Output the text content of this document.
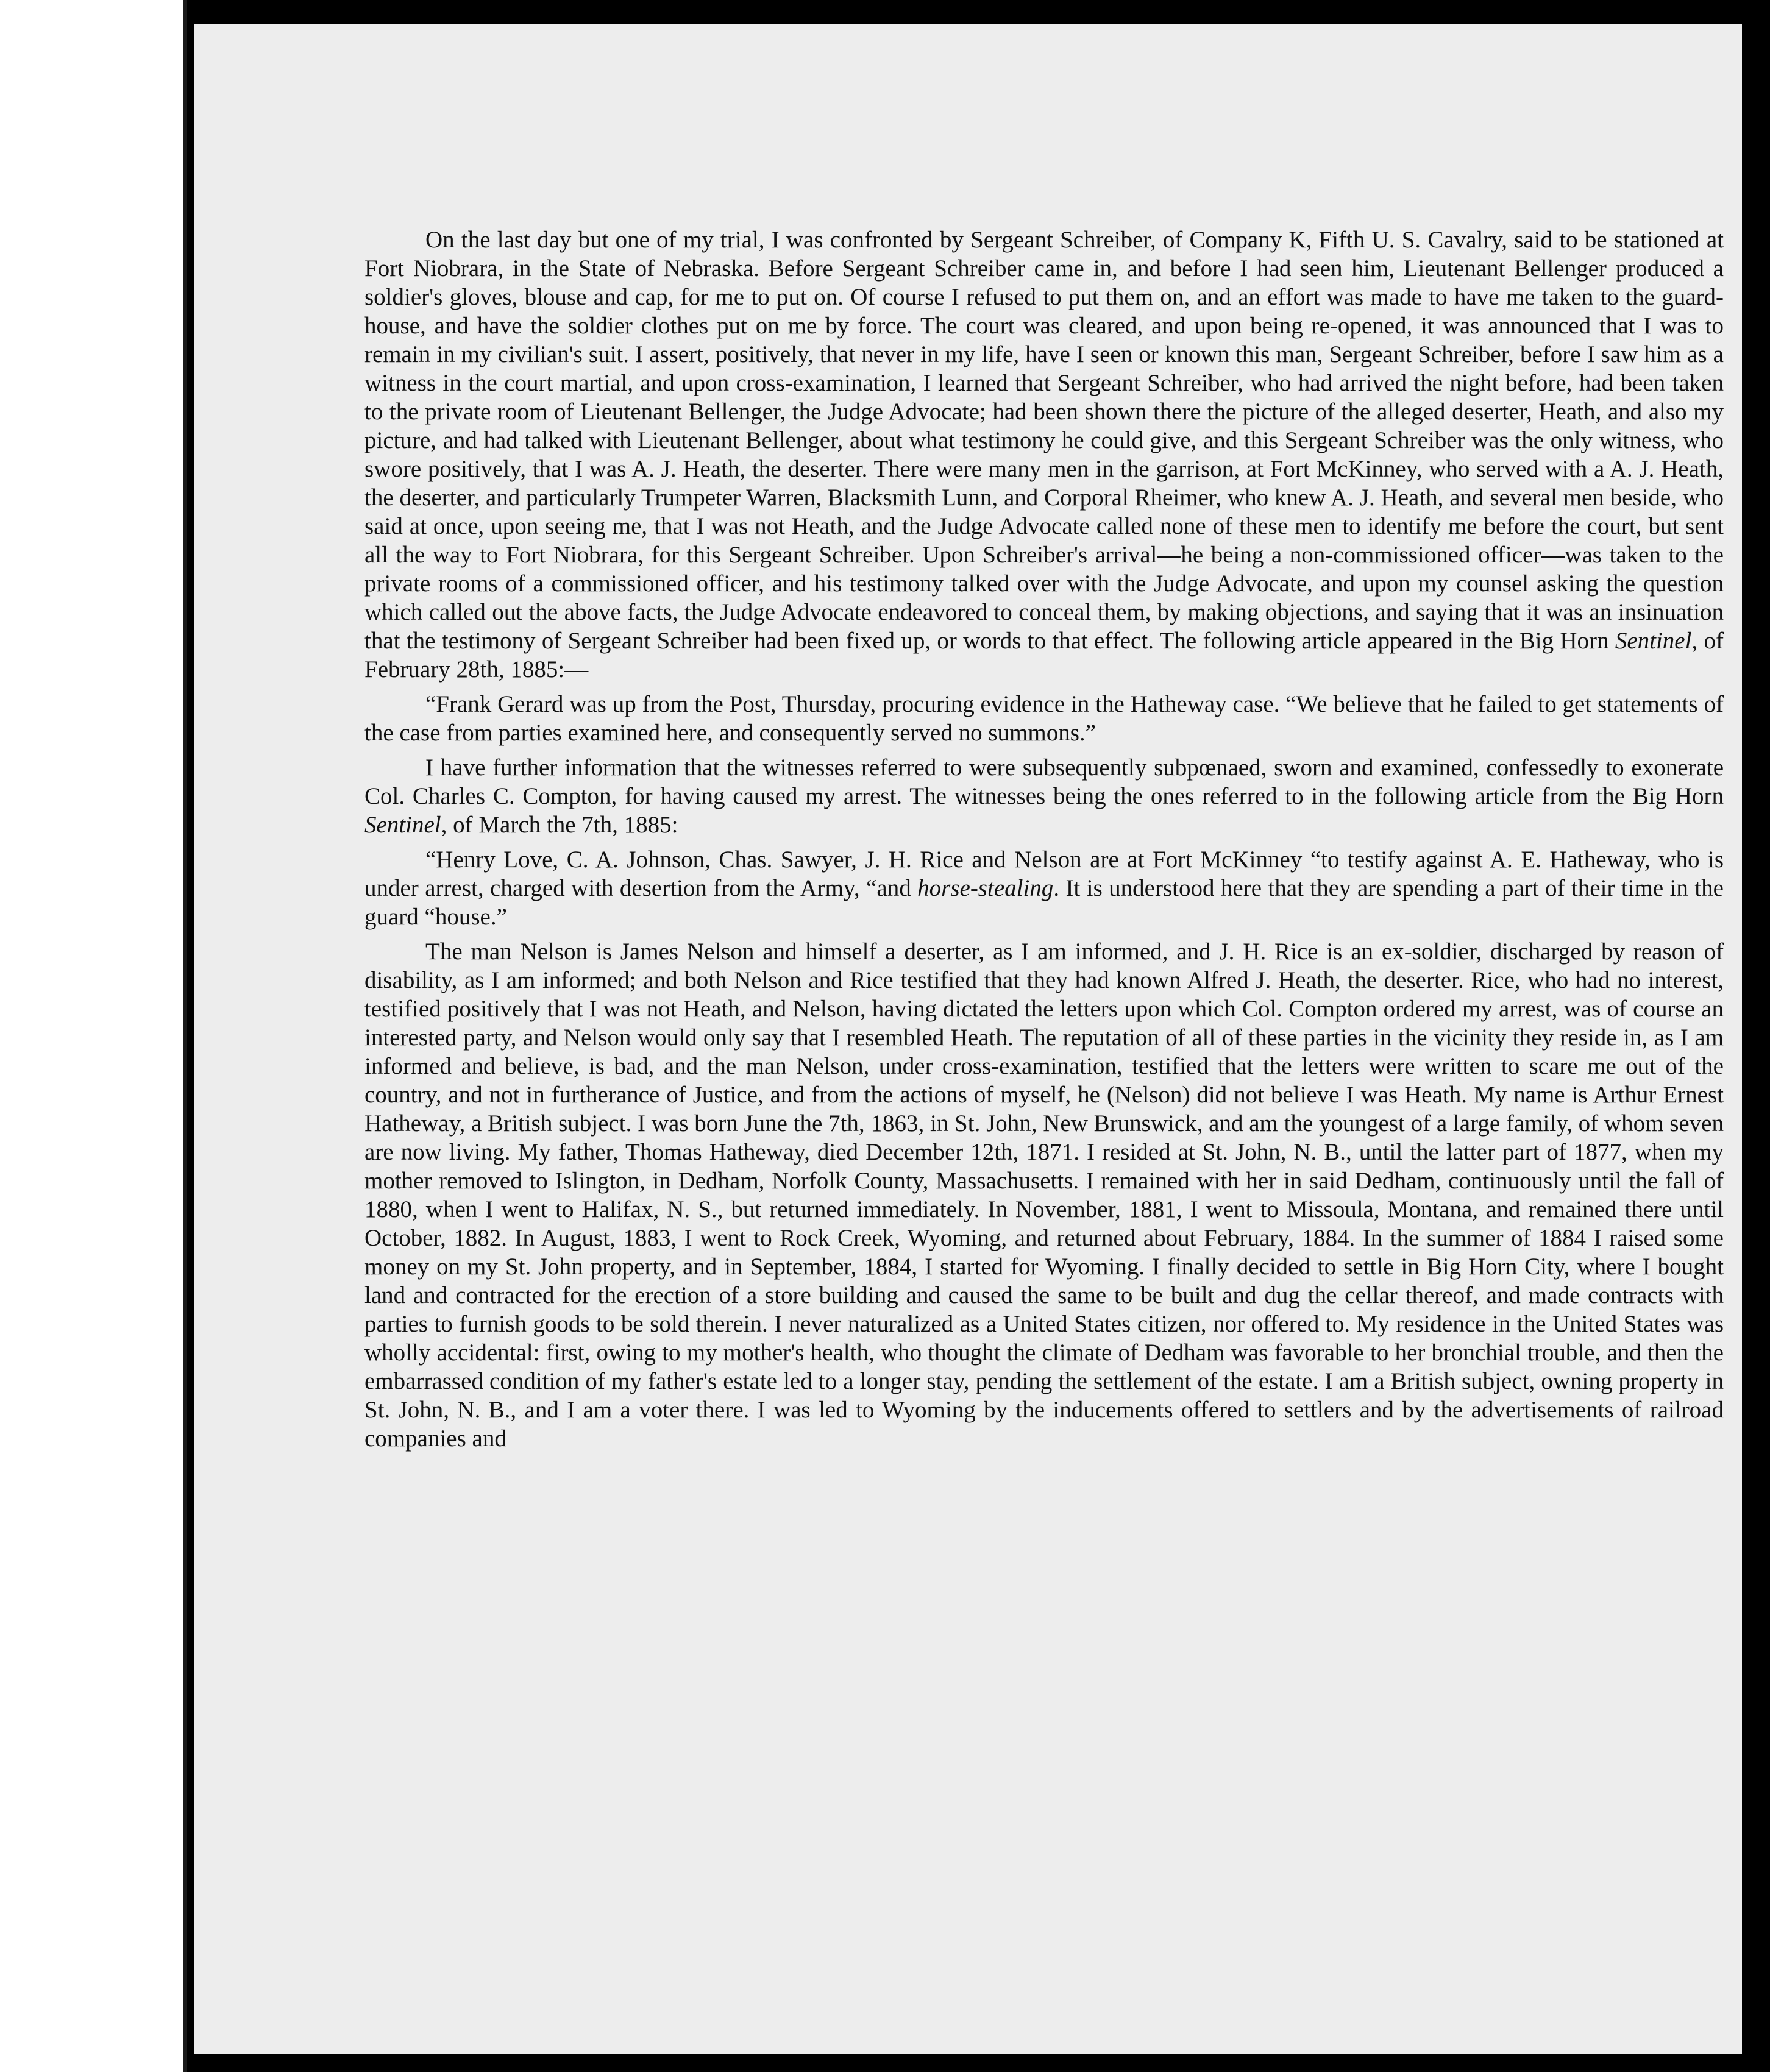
On the last day but one of my trial, I was confronted by Sergeant Schreiber, of Company K, Fifth U. S. Cavalry, said to be stationed at Fort Niobrara, in the State of Nebraska. Before Sergeant Schreiber came in, and before I had seen him, Lieutenant Bellenger produced a soldier's gloves, blouse and cap, for me to put on. Of course I refused to put them on, and an effort was made to have me taken to the guard-house, and have the soldier clothes put on me by force. The court was cleared, and upon being re-opened, it was announced that I was to remain in my civilian's suit. I assert, positively, that never in my life, have I seen or known this man, Sergeant Schreiber, before I saw him as a witness in the court martial, and upon cross-examination, I learned that Sergeant Schreiber, who had arrived the night before, had been taken to the private room of Lieutenant Bellenger, the Judge Advocate; had been shown there the picture of the alleged deserter, Heath, and also my picture, and had talked with Lieutenant Bellenger, about what testimony he could give, and this Sergeant Schreiber was the only witness, who swore positively, that I was A. J. Heath, the deserter. There were many men in the garrison, at Fort McKinney, who served with a A. J. Heath, the deserter, and particularly Trumpeter Warren, Blacksmith Lunn, and Corporal Rheimer, who knew A. J. Heath, and several men beside, who said at once, upon seeing me, that I was not Heath, and the Judge Advocate called none of these men to identify me before the court, but sent all the way to Fort Niobrara, for this Sergeant Schreiber. Upon Schreiber's arrival—he being a non-commissioned officer—was taken to the private rooms of a commissioned officer, and his testimony talked over with the Judge Advocate, and upon my counsel asking the question which called out the above facts, the Judge Advocate endeavored to conceal them, by making objections, and saying that it was an insinuation that the testimony of Sergeant Schreiber had been fixed up, or words to that effect. The following article appeared in the Big Horn Sentinel, of February 28th, 1885:—

“Frank Gerard was up from the Post, Thursday, procuring evidence in the Hatheway case. “We believe that he failed to get statements of the case from parties examined here, and consequently served no summons.”

I have further information that the witnesses referred to were subsequently subpœnaed, sworn and examined, confessedly to exonerate Col. Charles C. Compton, for having caused my arrest. The witnesses being the ones referred to in the following article from the Big Horn Sentinel, of March the 7th, 1885:

“Henry Love, C. A. Johnson, Chas. Sawyer, J. H. Rice and Nelson are at Fort McKinney “to testify against A. E. Hatheway, who is under arrest, charged with desertion from the Army, “and horse-stealing. It is understood here that they are spending a part of their time in the guard “house.”

The man Nelson is James Nelson and himself a deserter, as I am informed, and J. H. Rice is an ex-soldier, discharged by reason of disability, as I am informed; and both Nelson and Rice testified that they had known Alfred J. Heath, the deserter. Rice, who had no interest, testified positively that I was not Heath, and Nelson, having dictated the letters upon which Col. Compton ordered my arrest, was of course an interested party, and Nelson would only say that I resembled Heath. The reputation of all of these parties in the vicinity they reside in, as I am informed and believe, is bad, and the man Nelson, under cross-examination, testified that the letters were written to scare me out of the country, and not in furtherance of Justice, and from the actions of myself, he (Nelson) did not believe I was Heath. My name is Arthur Ernest Hatheway, a British subject. I was born June the 7th, 1863, in St. John, New Brunswick, and am the youngest of a large family, of whom seven are now living. My father, Thomas Hatheway, died December 12th, 1871. I resided at St. John, N. B., until the latter part of 1877, when my mother removed to Islington, in Dedham, Norfolk County, Massachusetts. I remained with her in said Dedham, continuously until the fall of 1880, when I went to Halifax, N. S., but returned immediately. In November, 1881, I went to Missoula, Montana, and remained there until October, 1882. In August, 1883, I went to Rock Creek, Wyoming, and returned about February, 1884. In the summer of 1884 I raised some money on my St. John property, and in September, 1884, I started for Wyoming. I finally decided to settle in Big Horn City, where I bought land and contracted for the erection of a store building and caused the same to be built and dug the cellar thereof, and made contracts with parties to furnish goods to be sold therein. I never naturalized as a United States citizen, nor offered to. My residence in the United States was wholly accidental: first, owing to my mother's health, who thought the climate of Dedham was favorable to her bronchial trouble, and then the embarrassed condition of my father's estate led to a longer stay, pending the settlement of the estate. I am a British subject, owning property in St. John, N. B., and I am a voter there. I was led to Wyoming by the inducements offered to settlers and by the advertisements of railroad companies and
